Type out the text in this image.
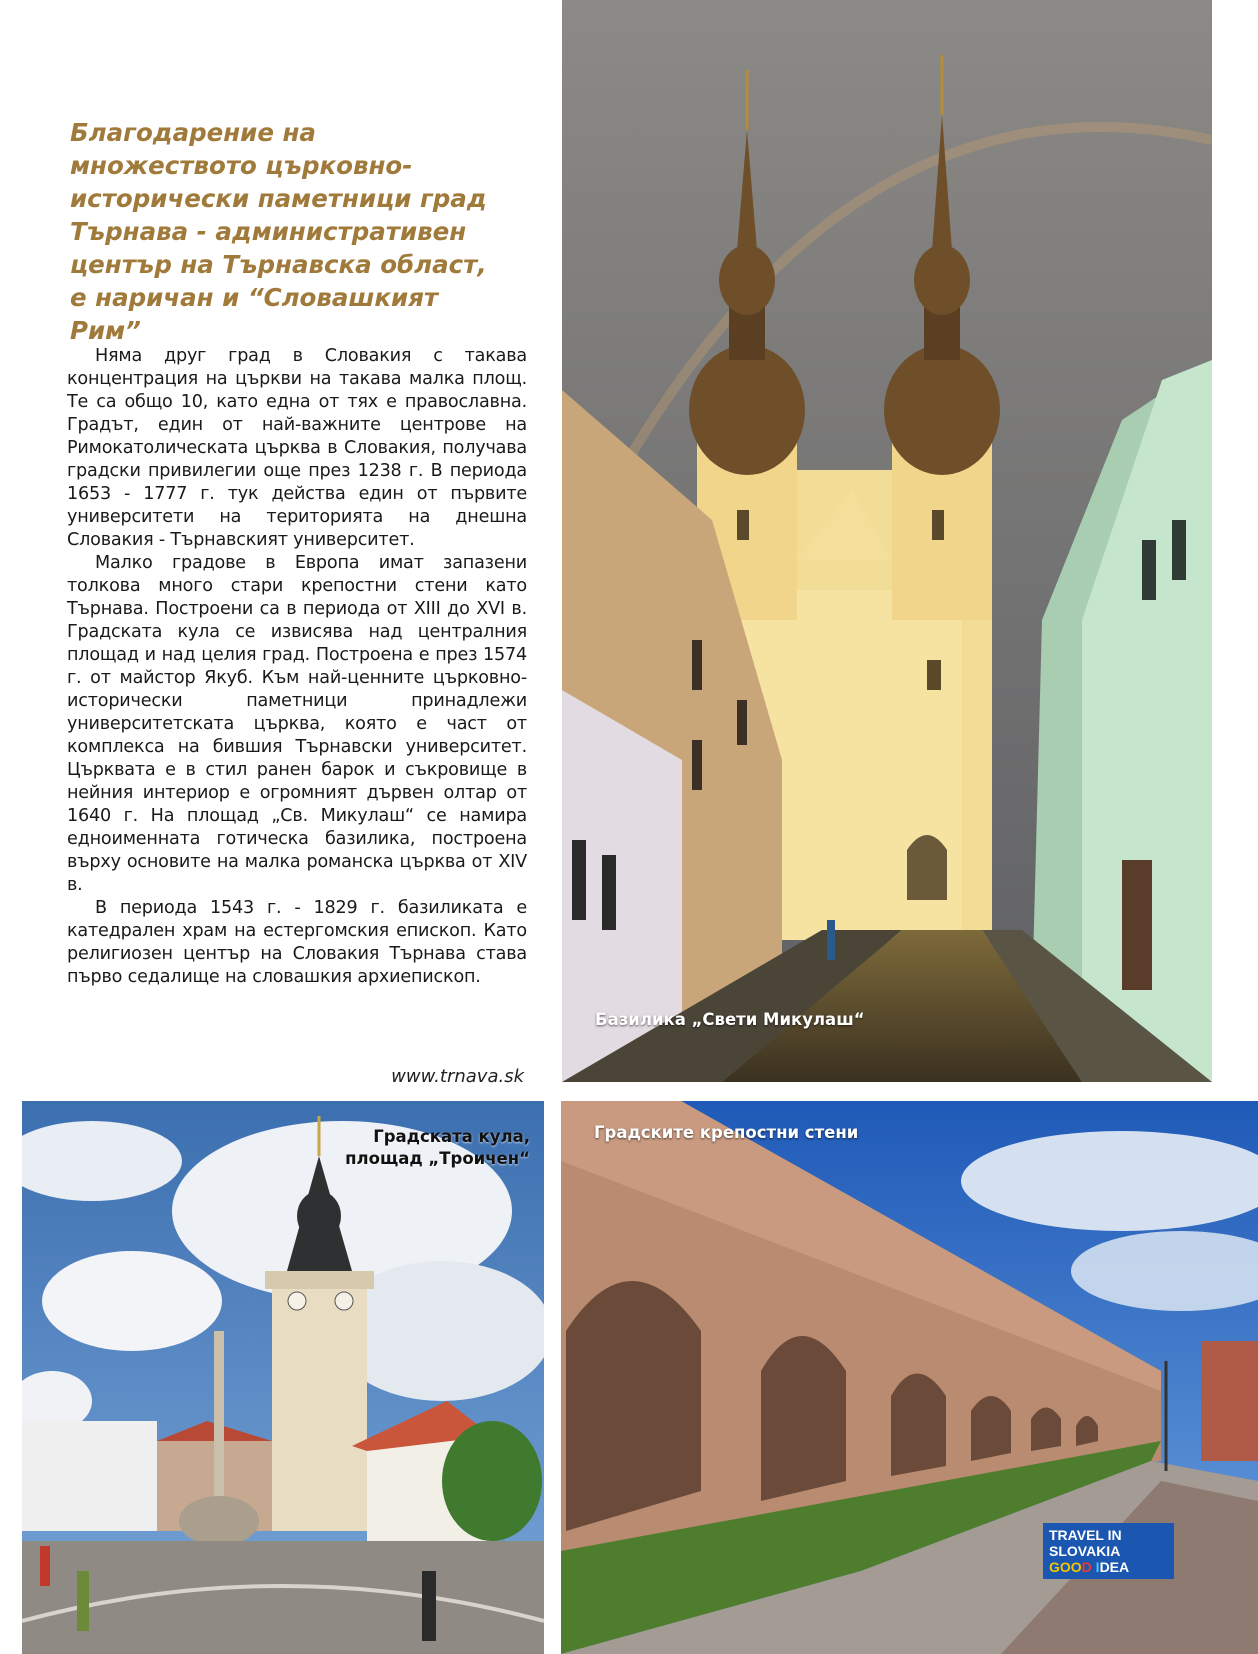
Благодарение на множеството църковно-исторически паметници град Търнава - административен център на Търнавска област, е наричан и “Словашкият Рим”

Няма друг град в Словакия с такава концентрация на църкви на такава малка площ. Те са общо 10, като една от тях е православна. Градът, един от най-важните центрове на Римокатолическата църква в Словакия, получава градски привилегии още през 1238 г. В периода 1653 - 1777 г. тук действа един от първите университети на територията на днешна Словакия - Търнавският университет.

Малко градове в Европа имат запазени толкова много стари крепостни стени като Търнава. Построени са в периода от XIII до XVI в. Градската кула се извисява над централния площад и над целия град. Построена е през 1574 г. от майстор Якуб. Към най-ценните църковно-исторически паметници принадлежи университетската църква, която е част от комплекса на бившия Търнавски университет. Църквата е в стил ранен барок и съкровище в нейния интериор е огромният дървен олтар от 1640 г. На площад „Св. Микулаш“ се намира едноименната готическа базилика, построена върху основите на малка романска църква от XIV в.

В периода 1543 г. - 1829 г. базиликата е катедрален храм на естергомския епископ. Като религиозен център на Словакия Търнава става първо седалище на словашкия архиепископ.

www.trnava.sk
Базилика „Свети Микулаш“
Градската кула,
площад „Троичен“
Градските крепостни стени
TRAVEL IN
SLOVAKIA
GOOD IDEA
